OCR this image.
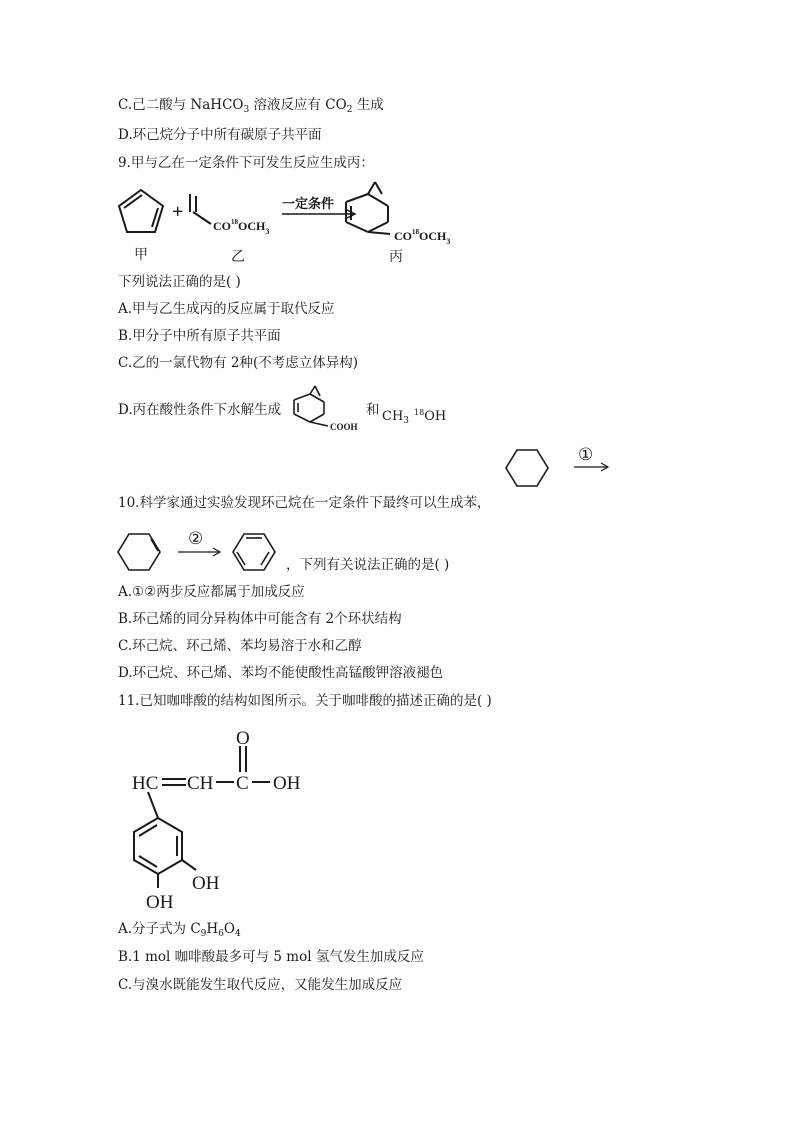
C.己二酸与 NaHCO$_3$ 溶液反应有 $CO_2$ 生成
D.环己烷分子中所有碳原子共平面
9.甲与乙在一定条件下可发生反应生成丙：
+
$CO^{18}OCH_3$
一定条件
$CO^{18}OCH_3$
甲	乙	丙
下列说法正确的是( )
A.甲与乙生成丙的反应属于取代反应
B.甲分子中所有原子共平面
C.乙的一氯代物有 2种(不考虑立体异构)
D.丙在酸性条件下水解生成
COOH
和 $CH_3^{18}OH$
①
10.科学家通过实验发现环己烷在一定条件下最终可以生成苯，
②
，下列有关说法正确的是( )
A.①②两步反应都属于加成反应
B.环己烯的同分异构体中可能含有 2个环状结构
C.环己烷、环己烯、苯均易溶于水和乙醇
D.环己烷、环己烯、苯均不能使酸性高锰酸钾溶液褪色
11.已知咖啡酸的结构如图所示。关于咖啡酸的描述正确的是( )
O
HC CH C OH
OH
OH
A.分子式为 $C_9H_6O_4$
B.1 mol 咖啡酸最多可与 5 mol 氢气发生加成反应
C.与溴水既能发生取代反应，又能发生加成反应
